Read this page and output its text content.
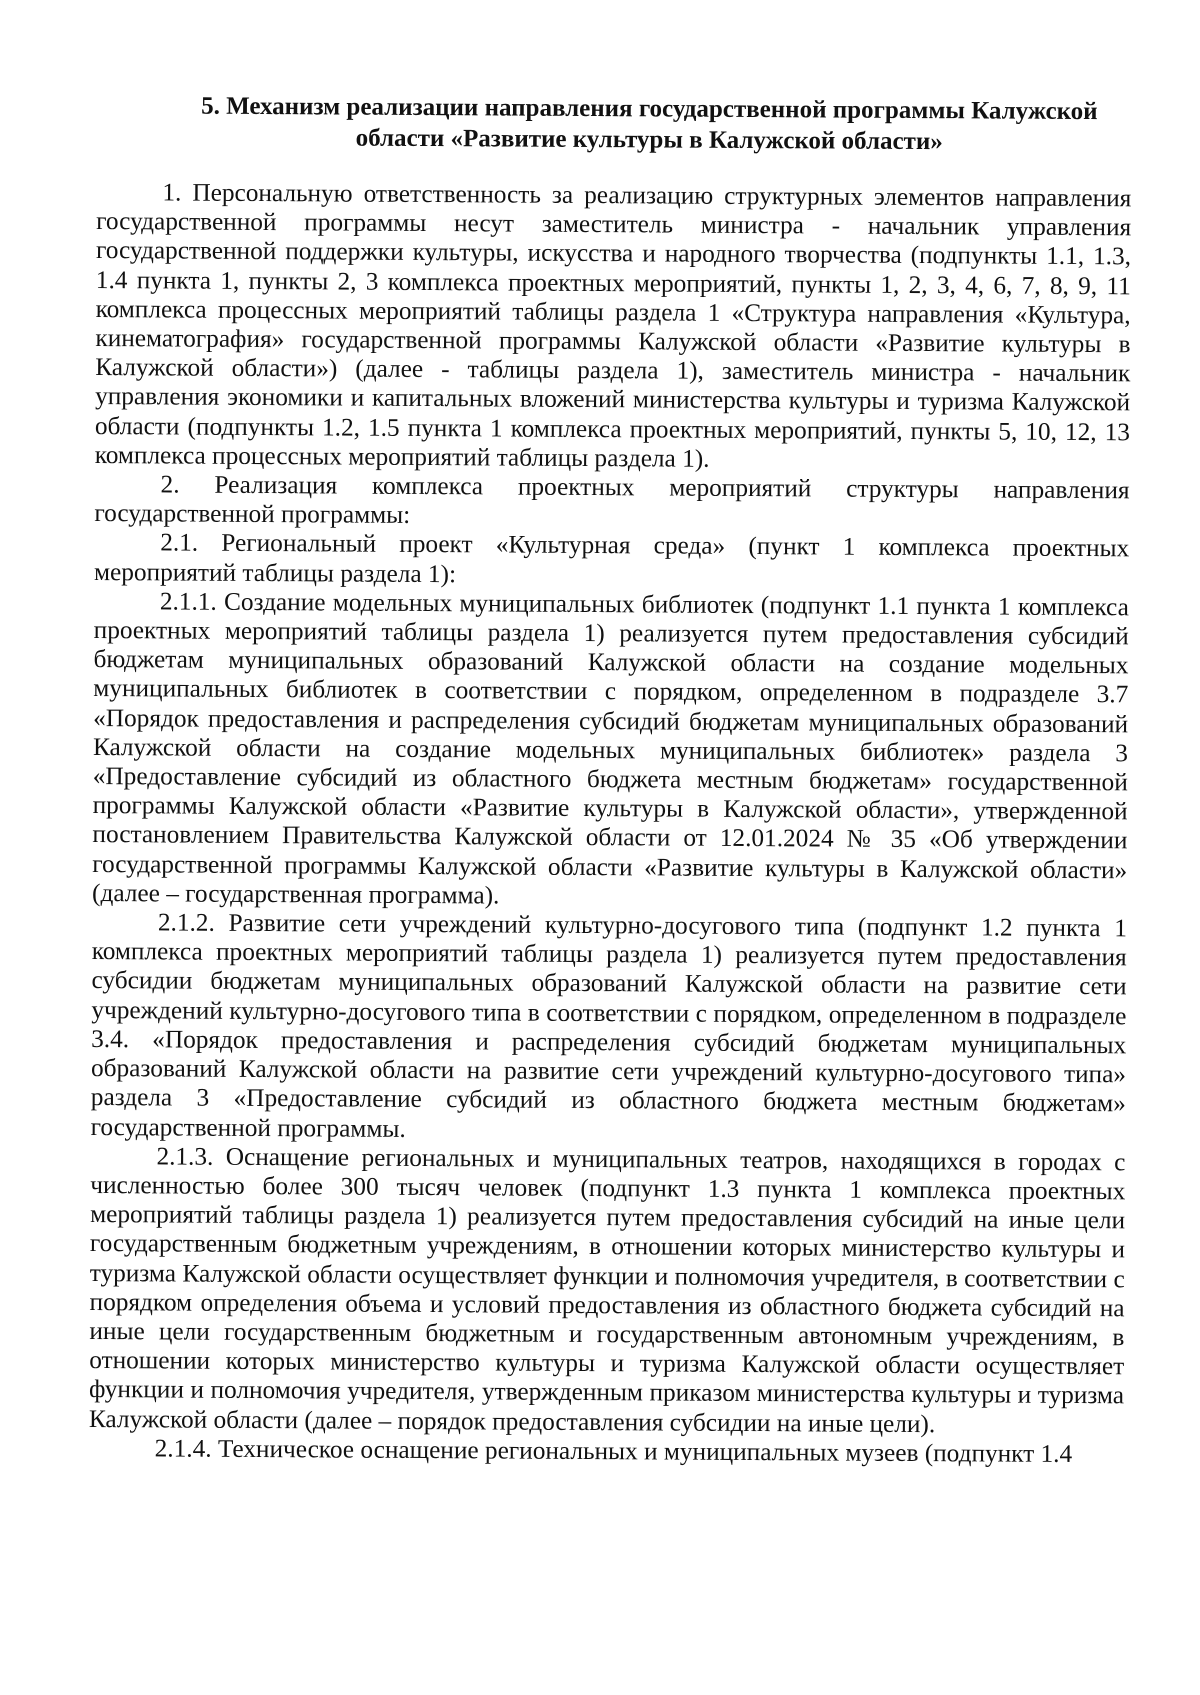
5. Механизм реализации направления государственной программы Калужской
области «Развитие культуры в Калужской области»

1. Персональную ответственность за реализацию структурных элементов направления государственной программы несут заместитель министра - начальник управления государственной поддержки культуры, искусства и народного творчества (подпункты 1.1, 1.3, 1.4 пункта 1, пункты 2, 3 комплекса проектных мероприятий, пункты 1, 2, 3, 4, 6, 7, 8, 9, 11 комплекса процессных мероприятий таблицы раздела 1 «Структура направления «Культура, кинематография» государственной программы Калужской области «Развитие культуры в Калужской области») (далее - таблицы раздела 1), заместитель министра - начальник управления экономики и капитальных вложений министерства культуры и туризма Калужской области (подпункты 1.2, 1.5 пункта 1 комплекса проектных мероприятий, пункты 5, 10, 12, 13 комплекса процессных мероприятий таблицы раздела 1).

2. Реализация комплекса проектных мероприятий структуры направления государственной программы:

2.1. Региональный проект «Культурная среда» (пункт 1 комплекса проектных мероприятий таблицы раздела 1):

2.1.1. Создание модельных муниципальных библиотек (подпункт 1.1 пункта 1 комплекса проектных мероприятий таблицы раздела 1) реализуется путем предоставления субсидий бюджетам муниципальных образований Калужской области на создание модельных муниципальных библиотек в соответствии с порядком, определенном в подразделе 3.7 «Порядок предоставления и распределения субсидий бюджетам муниципальных образований Калужской области на создание модельных муниципальных библиотек» раздела 3 «Предоставление субсидий из областного бюджета местным бюджетам» государственной программы Калужской области «Развитие культуры в Калужской области», утвержденной постановлением Правительства Калужской области от 12.01.2024 № 35 «Об утверждении государственной программы Калужской области «Развитие культуры в Калужской области» (далее – государственная программа).

2.1.2. Развитие сети учреждений культурно-досугового типа (подпункт 1.2 пункта 1 комплекса проектных мероприятий таблицы раздела 1) реализуется путем предоставления субсидии бюджетам муниципальных образований Калужской области на развитие сети учреждений культурно-досугового типа в соответствии с порядком, определенном в подразделе 3.4. «Порядок предоставления и распределения субсидий бюджетам муниципальных образований Калужской области на развитие сети учреждений культурно-досугового типа» раздела 3 «Предоставление субсидий из областного бюджета местным бюджетам» государственной программы.

2.1.3. Оснащение региональных и муниципальных театров, находящихся в городах с численностью более 300 тысяч человек (подпункт 1.3 пункта 1 комплекса проектных мероприятий таблицы раздела 1) реализуется путем предоставления субсидий на иные цели государственным бюджетным учреждениям, в отношении которых министерство культуры и туризма Калужской области осуществляет функции и полномочия учредителя, в соответствии с порядком определения объема и условий предоставления из областного бюджета субсидий на иные цели государственным бюджетным и государственным автономным учреждениям, в отношении которых министерство культуры и туризма Калужской области осуществляет функции и полномочия учредителя, утвержденным приказом министерства культуры и туризма Калужской области (далее – порядок предоставления субсидии на иные цели).

2.1.4. Техническое оснащение региональных и муниципальных музеев (подпункт 1.4
